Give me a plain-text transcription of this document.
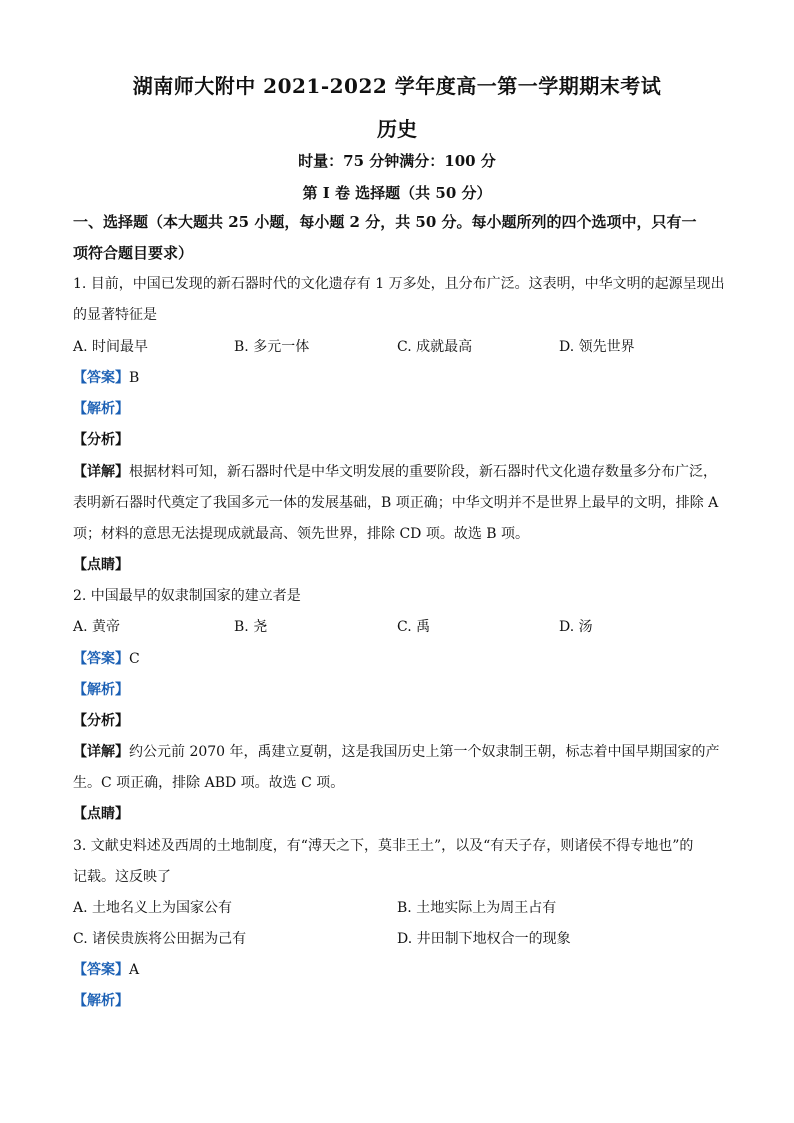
湖南师大附中 2021-2022 学年度高一第一学期期末考试
历史
时量：75 分钟满分：100 分
第 I 卷 选择题（共 50 分）
一、选择题（本大题共 25 小题，每小题 2 分，共 50 分。每小题所列的四个选项中，只有一
项符合题目要求）
1. 目前，中国已发现的新石器时代的文化遗存有 1 万多处，且分布广泛。这表明，中华文明的起源呈现出
的显著特征是
A. 时间最早	B. 多元一体	C. 成就最高	D. 领先世界
【答案】B
【解析】
【分析】
【详解】根据材料可知，新石器时代是中华文明发展的重要阶段，新石器时代文化遗存数量多分布广泛，
表明新石器时代奠定了我国多元一体的发展基础，B 项正确；中华文明并不是世界上最早的文明，排除 A
项；材料的意思无法提现成就最高、领先世界，排除 CD 项。故选 B 项。
【点睛】
2. 中国最早的奴隶制国家的建立者是
A. 黄帝	B. 尧	C. 禹	D. 汤
【答案】C
【解析】
【分析】
【详解】约公元前 2070 年，禹建立夏朝，这是我国历史上第一个奴隶制王朝，标志着中国早期国家的产
生。C 项正确，排除 ABD 项。故选 C 项。
【点睛】
3. 文献史料述及西周的土地制度，有“溥天之下，莫非王土”，以及“有天子存，则诸侯不得专地也”的
记载。这反映了
A. 土地名义上为国家公有	B. 土地实际上为周王占有
C. 诸侯贵族将公田据为己有	D. 井田制下地权合一的现象
【答案】A
【解析】
